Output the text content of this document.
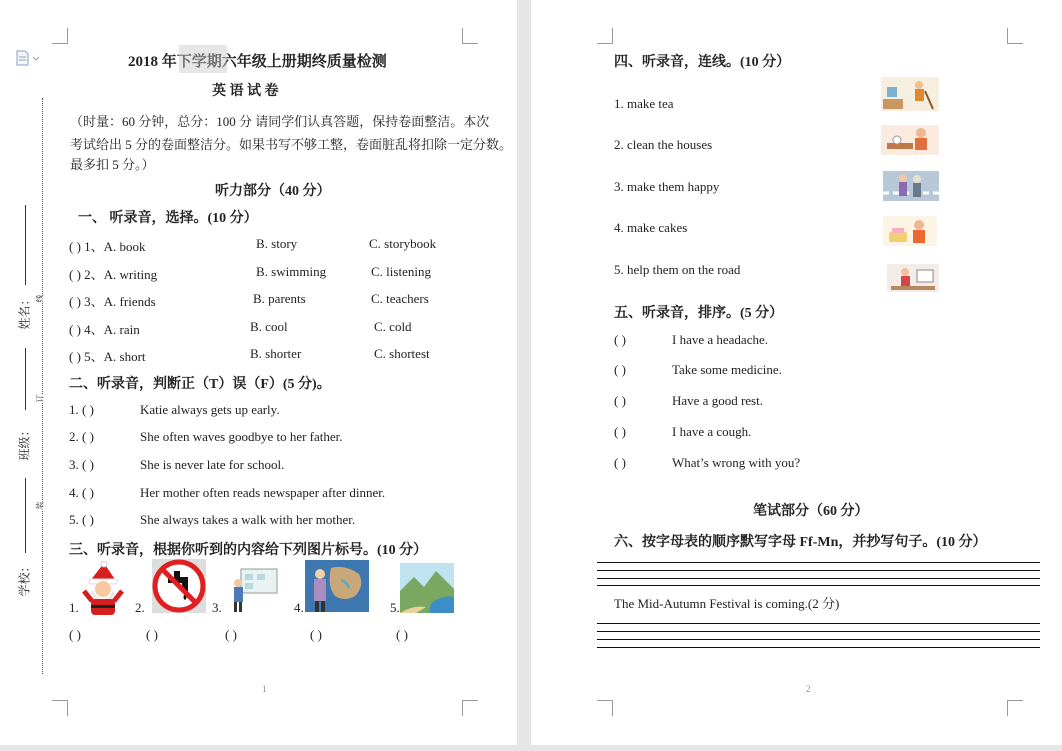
姓名：
班级：
学校：
线
订
装
2018 年下学期六年级上册期终质量检测
英 语 试 卷
（时量：60 分钟，总分：100 分 请同学们认真答题，保持卷面整洁。本次
考试给出 5 分的卷面整洁分。如果书写不够工整，卷面脏乱将扣除一定分数。
最多扣 5 分。）
听力部分（40 分）
一、 听录音，选择。(10 分）
( ) 1、A. book	B. story	C. storybook
( ) 2、A. writing	B. swimming	C. listening
( ) 3、A. friends	B. parents	C. teachers
( ) 4、A. rain	B. cool	C. cold
( ) 5、A. short	B. shorter	C. shortest
二、听录音，判断正（T）误（F）(5 分)。
1. ( )	Katie always gets up early.
2. ( )	She often waves goodbye to her father.
3. ( )	She is never late for school.
4. ( )	Her mother often reads newspaper after dinner.
5. ( )	She always takes a walk with her mother.
三、听录音，根据你听到的内容给下列图片标号。(10 分）
1.	2.	3.	4.	5.
( )	( )	( )	( )	( )
1
四、听录音，连线。(10 分）
1. make tea
2. clean the houses
3. make them happy
4. make cakes
5. help them on the road
五、听录音，排序。(5 分）
( )	I have a headache.
( )	Take some medicine.
( )	Have a good rest.
( )	I have a cough.
( )	What’s wrong with you?
笔试部分（60 分）
六、按字母表的顺序默写字母 Ff-Mn，并抄写句子。(10 分）
The Mid-Autumn Festival is coming.(2 分)
2
